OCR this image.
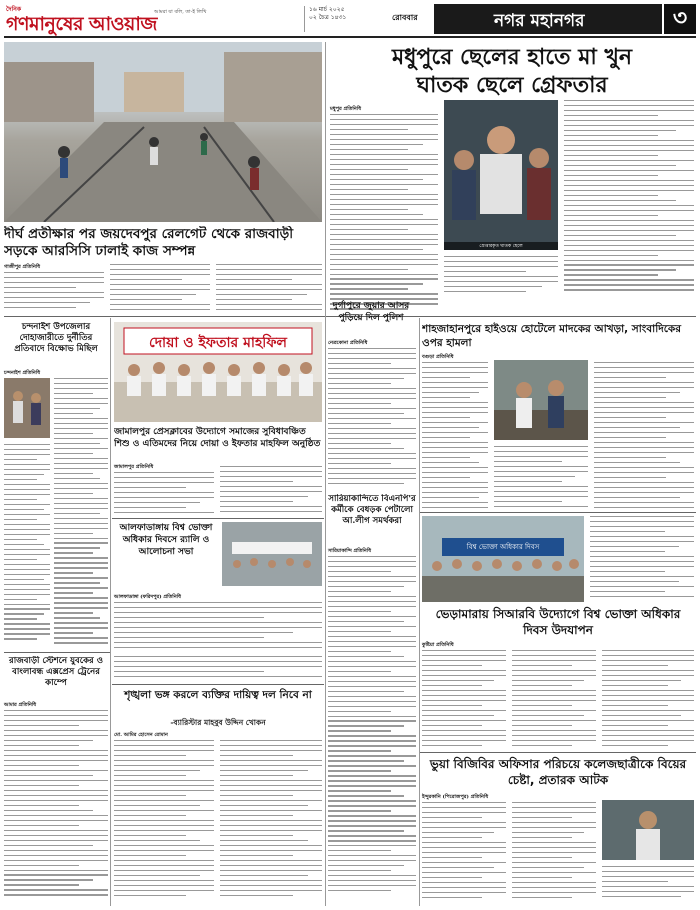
দৈনিক
গণমানুষের আওয়াজ
আমরা যা বলি, তা-ই লিখি	১৬ মার্চ ২০২৫
০২ চৈত্র ১৪৩১	রোববার	নগর মহানগর	৩
মধুপুরে ছেলের হাতে মা খুন
ঘাতক ছেলে গ্রেফতার
মধুপুর প্রতিনিধি
গ্রেপ্তারকৃত ঘাতক ছেলে
দীর্ঘ প্রতীক্ষার পর জয়দেবপুর রেলগেট থেকে রাজবাড়ী সড়কে আরসিসি ঢালাই কাজ সম্পন্ন
গাজীপুর প্রতিনিধি
দুর্গাপুরে জুয়ার আসর পুড়িয়ে দিল পুলিশ
নেত্রকোনা প্রতিনিধি
শাহজাহানপুরে হাইওয়ে হোটেলে মাদকের আখড়া, সাংবাদিকের ওপর হামলা
বগুড়া প্রতিনিধি
চন্দনাইশ উপজেলার দোহাজারীতে দুর্নীতির প্রতিবাদে বিক্ষোভ মিছিল
চন্দনাইশ প্রতিনিধি
দোয়া ও ইফতার মাহফিল
জামালপুর প্রেসক্লাবের উদ্যোগে সমাজের সুবিধাবঞ্চিত শিশু ও এতিমদের নিয়ে দোয়া ও ইফতার মাহফিল অনুষ্ঠিত
জামালপুর প্রতিনিধি
আলফাডাঙ্গায় বিশ্ব ভোক্তা অধিকার দিবসে র‍্যালি ও আলোচনা সভা
আলফাডাঙ্গা (ফরিদপুর) প্রতিনিধি
সারিয়াকান্দিতে বিএনপি'র কর্মীকে বেধড়ক পেটালো আ.লীগ সমর্থকরা
সারিয়াকান্দি প্রতিনিধি	বিশ্ব ভোক্তা অধিকার দিবস
ভেড়ামারায় সিআরবি উদ্যোগে বিশ্ব ভোক্তা অধিকার দিবস উদযাপন
কুষ্টিয়া প্রতিনিধি
রাজবাড়ী স্টেশনে যুবকের ও বাংলাবন্ধ এক্সপ্রেস ট্রেনের কাম্পে
আমার প্রতিনিধি
শৃঙ্খলা ভঙ্গ করলে ব্যক্তির দায়িত্ব দল নিবে না
-ব্যারিস্টার মাহবুব উদ্দিন খোকন
মো. আমির হোসেন রোমান
ভুয়া বিজিবির অফিসার পরিচয়ে কলেজছাত্রীকে বিয়ের চেষ্টা, প্রতারক আটক
ইন্দুরকানি (পিরোজপুর) প্রতিনিধি
